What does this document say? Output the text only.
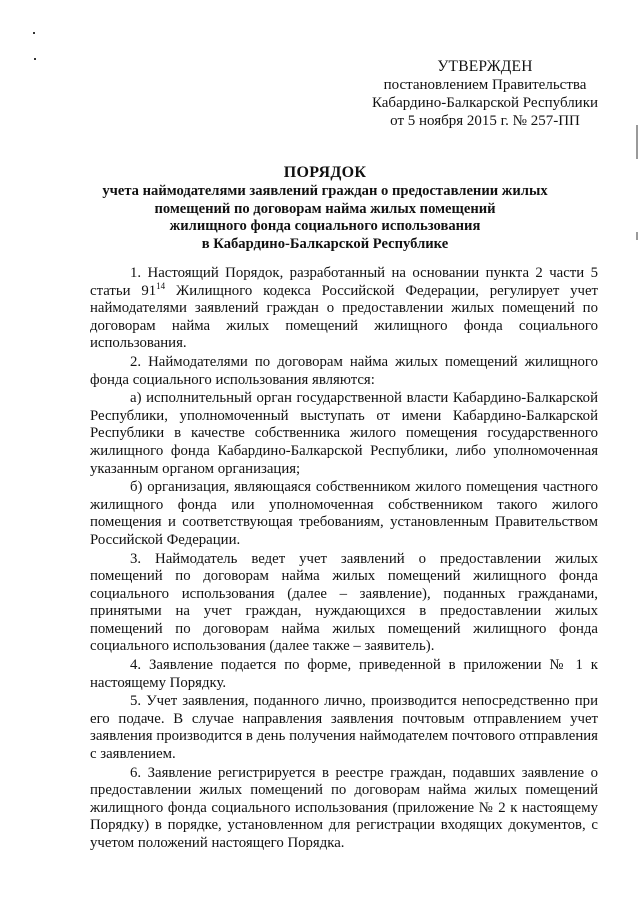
УТВЕРЖДЕН
постановлением Правительства
Кабардино-Балкарской Республики
от 5 ноября 2015 г. № 257-ПП
ПОРЯДОК
учета наймодателями заявлений граждан о предоставлении жилых
помещений по договорам найма жилых помещений
жилищного фонда социального использования
в Кабардино-Балкарской Республике

1. Настоящий Порядок, разработанный на основании пункта 2 части 5 статьи $91^{14}$ Жилищного кодекса Российской Федерации, регулирует учет наймодателями заявлений граждан о предоставлении жилых помещений по договорам найма жилых помещений жилищного фонда социального использования.

2. Наймодателями по договорам найма жилых помещений жилищного фонда социального использования являются:

а) исполнительный орган государственной власти Кабардино-Балкарской Республики, уполномоченный выступать от имени Кабардино-Балкарской Республики в качестве собственника жилого помещения государственного жилищного фонда Кабардино-Балкарской Республики, либо уполномоченная указанным органом организация;

б) организация, являющаяся собственником жилого помещения частного жилищного фонда или уполномоченная собственником такого жилого помещения и соответствующая требованиям, установленным Правительством Российской Федерации.

3. Наймодатель ведет учет заявлений о предоставлении жилых помещений по договорам найма жилых помещений жилищного фонда социального использования (далее – заявление), поданных гражданами, принятыми на учет граждан, нуждающихся в предоставлении жилых помещений по договорам найма жилых помещений жилищного фонда социального использования (далее также – заявитель).

4. Заявление подается по форме, приведенной в приложении № 1 к настоящему Порядку.

5. Учет заявления, поданного лично, производится непосредственно при его подаче. В случае направления заявления почтовым отправлением учет заявления производится в день получения наймодателем почтового отправления с заявлением.

6. Заявление регистрируется в реестре граждан, подавших заявление о предоставлении жилых помещений по договорам найма жилых помещений жилищного фонда социального использования (приложение № 2 к настоящему Порядку) в порядке, установленном для регистрации входящих документов, с учетом положений настоящего Порядка.
